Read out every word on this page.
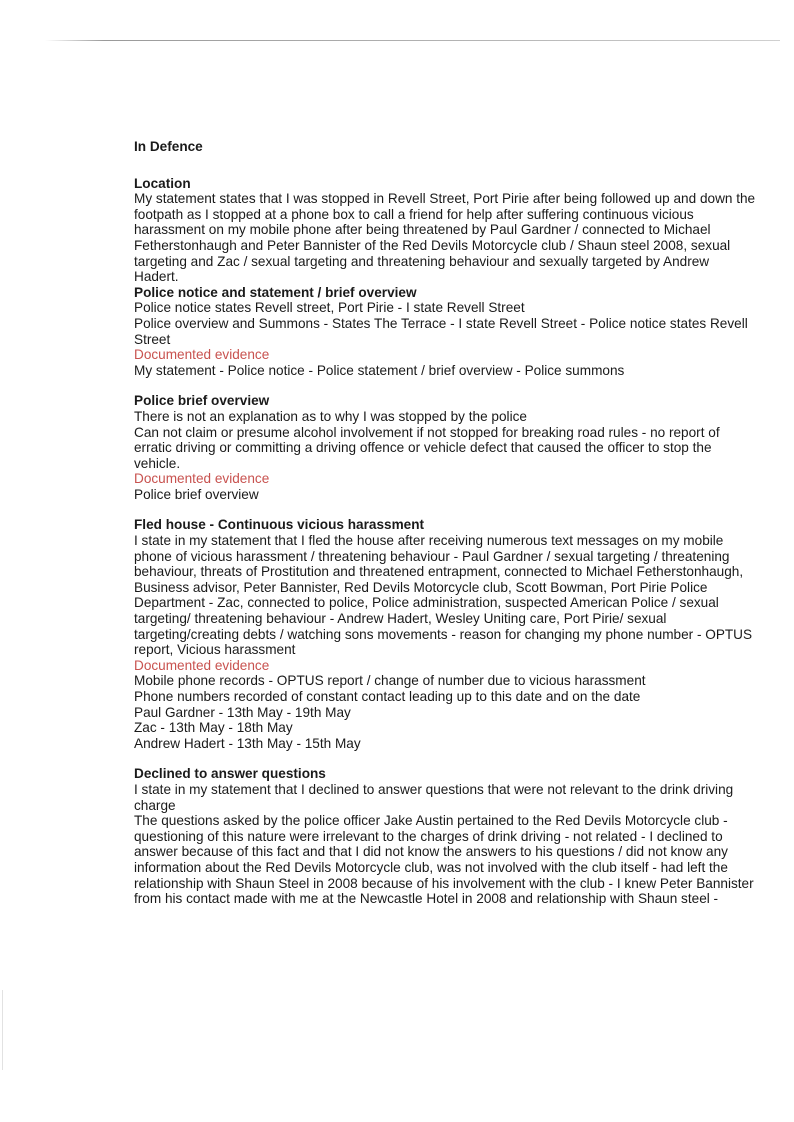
In Defence

Location

My statement states that I was stopped in Revell Street, Port Pirie after being followed up and down the footpath as I stopped at a phone box to call a friend for help after suffering continuous vicious harassment on my mobile phone after being threatened by Paul Gardner / connected to Michael Fetherstonhaugh and Peter Bannister of the Red Devils Motorcycle club / Shaun steel 2008, sexual targeting and Zac / sexual targeting and threatening behaviour and sexually targeted by Andrew Hadert.

Police notice and statement / brief overview

Police notice states Revell street, Port Pirie - I state Revell Street

Police overview and Summons - States The Terrace - I state Revell Street - Police notice states Revell Street

Documented evidence

My statement - Police notice - Police statement / brief overview - Police summons

Police brief overview

There is not an explanation as to why I was stopped by the police

Can not claim or presume alcohol involvement if not stopped for breaking road rules - no report of erratic driving or committing a driving offence or vehicle defect that caused the officer to stop the vehicle.

Documented evidence

Police brief overview

Fled house - Continuous vicious harassment

I state in my statement that I fled the house after receiving numerous text messages on my mobile phone of vicious harassment / threatening behaviour - Paul Gardner / sexual targeting / threatening behaviour, threats of Prostitution and threatened entrapment, connected to Michael Fetherstonhaugh, Business advisor, Peter Bannister, Red Devils Motorcycle club, Scott Bowman, Port Pirie Police Department - Zac, connected to police, Police administration, suspected American Police / sexual targeting/ threatening behaviour - Andrew Hadert, Wesley Uniting care, Port Pirie/ sexual targeting/creating debts / watching sons movements - reason for changing my phone number - OPTUS report, Vicious harassment

Documented evidence

Mobile phone records - OPTUS report / change of number due to vicious harassment

Phone numbers recorded of constant contact leading up to this date and on the date

Paul Gardner - 13th May - 19th May

Zac - 13th May - 18th May

Andrew Hadert - 13th May - 15th May

Declined to answer questions

I state in my statement that I declined to answer questions that were not relevant to the drink driving charge

The questions asked by the police officer Jake Austin pertained to the Red Devils Motorcycle club - questioning of this nature were irrelevant to the charges of drink driving - not related - I declined to answer because of this fact and that I did not know the answers to his questions / did not know any information about the Red Devils Motorcycle club, was not involved with the club itself - had left the relationship with Shaun Steel in 2008 because of his involvement with the club - I knew Peter Bannister from his contact made with me at the Newcastle Hotel in 2008 and relationship with Shaun steel -
